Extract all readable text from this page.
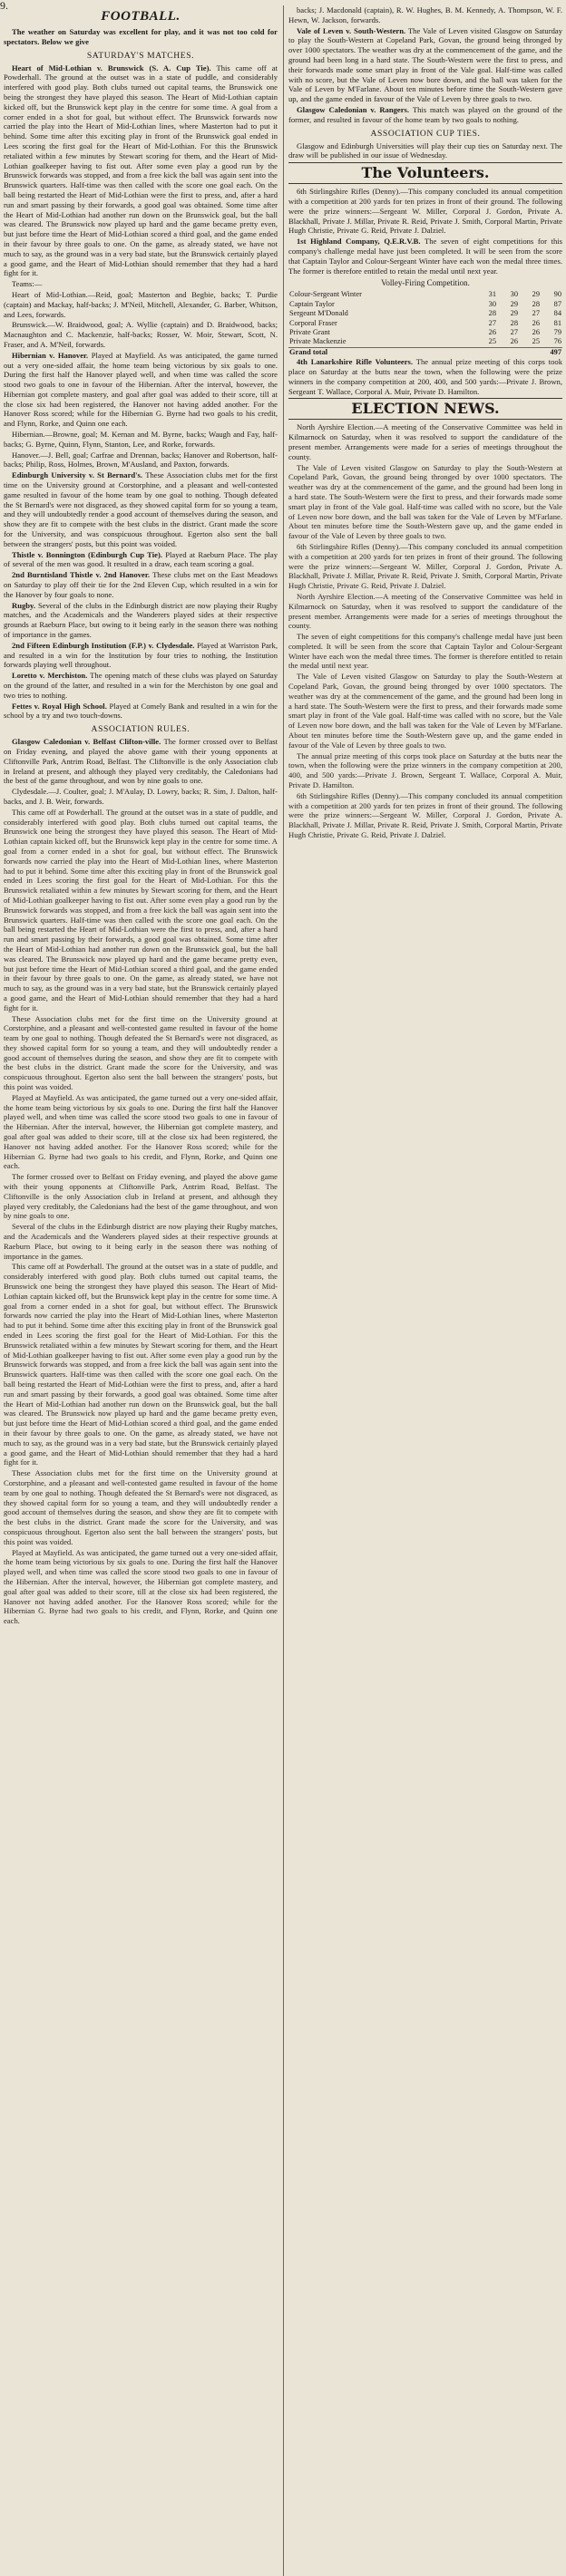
9.
FOOTBALL.

The weather on Saturday was excellent for play, and it was not too cold for spectators. Below we give

SATURDAY'S MATCHES.

Heart of Mid-Lothian v. Brunswick (S. A. Cup Tie). This came off at Powderhall. The ground at the outset was in a state of puddle, and considerably interfered with good play. Both clubs turned out capital teams, the Brunswick one being the strongest they have played this season. The Heart of Mid-Lothian captain kicked off, but the Brunswick kept play in the centre for some time. A goal from a corner ended in a shot for goal, but without effect. The Brunswick forwards now carried the play into the Heart of Mid-Lothian lines, where Masterton had to put it behind. Some time after this exciting play in front of the Brunswick goal ended in Lees scoring the first goal for the Heart of Mid-Lothian. For this the Brunswick retaliated within a few minutes by Stewart scoring for them, and the Heart of Mid-Lothian goalkeeper having to fist out. After some even play a good run by the Brunswick forwards was stopped, and from a free kick the ball was again sent into the Brunswick quarters. Half-time was then called with the score one goal each. On the ball being restarted the Heart of Mid-Lothian were the first to press, and, after a hard run and smart passing by their forwards, a good goal was obtained. Some time after the Heart of Mid-Lothian had another run down on the Brunswick goal, but the ball was cleared. The Brunswick now played up hard and the game became pretty even, but just before time the Heart of Mid-Lothian scored a third goal, and the game ended in their favour by three goals to one. On the game, as already stated, we have not much to say, as the ground was in a very bad state, but the Brunswick certainly played a good game, and the Heart of Mid-Lothian should remember that they had a hard fight for it.

Teams:—

Heart of Mid-Lothian.—Reid, goal; Masterton and Begbie, backs; T. Purdie (captain) and Mackay, half-backs; J. M'Neil, Mitchell, Alexander, G. Barber, Whitson, and Lees, forwards.

Brunswick.—W. Braidwood, goal; A. Wyllie (captain) and D. Braidwood, backs; Macnaughton and C. Mackenzie, half-backs; Rosser, W. Moir, Stewart, Scott, N. Fraser, and A. M'Neil, forwards.

Hibernian v. Hanover. Played at Mayfield. As was anticipated, the game turned out a very one-sided affair, the home team being victorious by six goals to one. During the first half the Hanover played well, and when time was called the score stood two goals to one in favour of the Hibernian. After the interval, however, the Hibernian got complete mastery, and goal after goal was added to their score, till at the close six had been registered, the Hanover not having added another. For the Hanover Ross scored; while for the Hibernian G. Byrne had two goals to his credit, and Flynn, Rorke, and Quinn one each.

Hibernian.—Browne, goal; M. Kernan and M. Byrne, backs; Waugh and Fay, half-backs; G. Byrne, Quinn, Flynn, Stanton, Lee, and Rorke, forwards.

Hanover.—J. Bell, goal; Carfrae and Drennan, backs; Hanover and Robertson, half-backs; Philip, Ross, Holmes, Brown, M'Ausland, and Paxton, forwards.

Edinburgh University v. St Bernard's. These Association clubs met for the first time on the University ground at Corstorphine, and a pleasant and well-contested game resulted in favour of the home team by one goal to nothing. Though defeated the St Bernard's were not disgraced, as they showed capital form for so young a team, and they will undoubtedly render a good account of themselves during the season, and show they are fit to compete with the best clubs in the district. Grant made the score for the University, and was conspicuous throughout. Egerton also sent the ball between the strangers' posts, but this point was voided.

Thistle v. Bonnington (Edinburgh Cup Tie). Played at Raeburn Place. The play of several of the men was good. It resulted in a draw, each team scoring a goal.

2nd Burntisland Thistle v. 2nd Hanover. These clubs met on the East Meadows on Saturday to play off their tie for the 2nd Eleven Cup, which resulted in a win for the Hanover by four goals to none.

Rugby. Several of the clubs in the Edinburgh district are now playing their Rugby matches, and the Academicals and the Wanderers played sides at their respective grounds at Raeburn Place, but owing to it being early in the season there was nothing of importance in the games.

2nd Fifteen Edinburgh Institution (F.P.) v. Clydesdale. Played at Warriston Park, and resulted in a win for the Institution by four tries to nothing, the Institution forwards playing well throughout.

Loretto v. Merchiston. The opening match of these clubs was played on Saturday on the ground of the latter, and resulted in a win for the Merchiston by one goal and two tries to nothing.

Fettes v. Royal High School. Played at Comely Bank and resulted in a win for the school by a try and two touch-downs.

ASSOCIATION RULES.

Glasgow Caledonian v. Belfast Clifton-ville. The former crossed over to Belfast on Friday evening, and played the above game with their young opponents at Cliftonville Park, Antrim Road, Belfast. The Cliftonville is the only Association club in Ireland at present, and although they played very creditably, the Caledonians had the best of the game throughout, and won by nine goals to one.

Clydesdale.—J. Coulter, goal; J. M'Aulay, D. Lowry, backs; R. Sim, J. Dalton, half-backs, and J. B. Weir, forwards.

This came off at Powderhall. The ground at the outset was in a state of puddle, and considerably interfered with good play. Both clubs turned out capital teams, the Brunswick one being the strongest they have played this season. The Heart of Mid-Lothian captain kicked off, but the Brunswick kept play in the centre for some time. A goal from a corner ended in a shot for goal, but without effect. The Brunswick forwards now carried the play into the Heart of Mid-Lothian lines, where Masterton had to put it behind. Some time after this exciting play in front of the Brunswick goal ended in Lees scoring the first goal for the Heart of Mid-Lothian. For this the Brunswick retaliated within a few minutes by Stewart scoring for them, and the Heart of Mid-Lothian goalkeeper having to fist out. After some even play a good run by the Brunswick forwards was stopped, and from a free kick the ball was again sent into the Brunswick quarters. Half-time was then called with the score one goal each. On the ball being restarted the Heart of Mid-Lothian were the first to press, and, after a hard run and smart passing by their forwards, a good goal was obtained. Some time after the Heart of Mid-Lothian had another run down on the Brunswick goal, but the ball was cleared. The Brunswick now played up hard and the game became pretty even, but just before time the Heart of Mid-Lothian scored a third goal, and the game ended in their favour by three goals to one. On the game, as already stated, we have not much to say, as the ground was in a very bad state, but the Brunswick certainly played a good game, and the Heart of Mid-Lothian should remember that they had a hard fight for it.

These Association clubs met for the first time on the University ground at Corstorphine, and a pleasant and well-contested game resulted in favour of the home team by one goal to nothing. Though defeated the St Bernard's were not disgraced, as they showed capital form for so young a team, and they will undoubtedly render a good account of themselves during the season, and show they are fit to compete with the best clubs in the district. Grant made the score for the University, and was conspicuous throughout. Egerton also sent the ball between the strangers' posts, but this point was voided.

Played at Mayfield. As was anticipated, the game turned out a very one-sided affair, the home team being victorious by six goals to one. During the first half the Hanover played well, and when time was called the score stood two goals to one in favour of the Hibernian. After the interval, however, the Hibernian got complete mastery, and goal after goal was added to their score, till at the close six had been registered, the Hanover not having added another. For the Hanover Ross scored; while for the Hibernian G. Byrne had two goals to his credit, and Flynn, Rorke, and Quinn one each.

The former crossed over to Belfast on Friday evening, and played the above game with their young opponents at Cliftonville Park, Antrim Road, Belfast. The Cliftonville is the only Association club in Ireland at present, and although they played very creditably, the Caledonians had the best of the game throughout, and won by nine goals to one.

Several of the clubs in the Edinburgh district are now playing their Rugby matches, and the Academicals and the Wanderers played sides at their respective grounds at Raeburn Place, but owing to it being early in the season there was nothing of importance in the games.

This came off at Powderhall. The ground at the outset was in a state of puddle, and considerably interfered with good play. Both clubs turned out capital teams, the Brunswick one being the strongest they have played this season. The Heart of Mid-Lothian captain kicked off, but the Brunswick kept play in the centre for some time. A goal from a corner ended in a shot for goal, but without effect. The Brunswick forwards now carried the play into the Heart of Mid-Lothian lines, where Masterton had to put it behind. Some time after this exciting play in front of the Brunswick goal ended in Lees scoring the first goal for the Heart of Mid-Lothian. For this the Brunswick retaliated within a few minutes by Stewart scoring for them, and the Heart of Mid-Lothian goalkeeper having to fist out. After some even play a good run by the Brunswick forwards was stopped, and from a free kick the ball was again sent into the Brunswick quarters. Half-time was then called with the score one goal each. On the ball being restarted the Heart of Mid-Lothian were the first to press, and, after a hard run and smart passing by their forwards, a good goal was obtained. Some time after the Heart of Mid-Lothian had another run down on the Brunswick goal, but the ball was cleared. The Brunswick now played up hard and the game became pretty even, but just before time the Heart of Mid-Lothian scored a third goal, and the game ended in their favour by three goals to one. On the game, as already stated, we have not much to say, as the ground was in a very bad state, but the Brunswick certainly played a good game, and the Heart of Mid-Lothian should remember that they had a hard fight for it.

These Association clubs met for the first time on the University ground at Corstorphine, and a pleasant and well-contested game resulted in favour of the home team by one goal to nothing. Though defeated the St Bernard's were not disgraced, as they showed capital form for so young a team, and they will undoubtedly render a good account of themselves during the season, and show they are fit to compete with the best clubs in the district. Grant made the score for the University, and was conspicuous throughout. Egerton also sent the ball between the strangers' posts, but this point was voided.

Played at Mayfield. As was anticipated, the game turned out a very one-sided affair, the home team being victorious by six goals to one. During the first half the Hanover played well, and when time was called the score stood two goals to one in favour of the Hibernian. After the interval, however, the Hibernian got complete mastery, and goal after goal was added to their score, till at the close six had been registered, the Hanover not having added another. For the Hanover Ross scored; while for the Hibernian G. Byrne had two goals to his credit, and Flynn, Rorke, and Quinn one each.

backs; J. Macdonald (captain), R. W. Hughes, B. M. Kennedy, A. Thompson, W. F. Hewn, W. Jackson, forwards.

Vale of Leven v. South-Western. The Vale of Leven visited Glasgow on Saturday to play the South-Western at Copeland Park, Govan, the ground being thronged by over 1000 spectators. The weather was dry at the commencement of the game, and the ground had been long in a hard state. The South-Western were the first to press, and their forwards made some smart play in front of the Vale goal. Half-time was called with no score, but the Vale of Leven now bore down, and the ball was taken for the Vale of Leven by M'Farlane. About ten minutes before time the South-Western gave up, and the game ended in favour of the Vale of Leven by three goals to two.

Glasgow Caledonian v. Rangers. This match was played on the ground of the former, and resulted in favour of the home team by two goals to nothing.

ASSOCIATION CUP TIES.

Glasgow and Edinburgh Universities will play their cup ties on Saturday next. The draw will be published in our issue of Wednesday.

The Volunteers.

6th Stirlingshire Rifles (Denny).—This company concluded its annual competition with a competition at 200 yards for ten prizes in front of their ground. The following were the prize winners:—Sergeant W. Miller, Corporal J. Gordon, Private A. Blackhall, Private J. Millar, Private R. Reid, Private J. Smith, Corporal Martin, Private Hugh Christie, Private G. Reid, Private J. Dalziel.

1st Highland Company, Q.E.R.V.B. The seven of eight competitions for this company's challenge medal have just been completed. It will be seen from the score that Captain Taylor and Colour-Sergeant Winter have each won the medal three times. The former is therefore entitled to retain the medal until next year.

Volley-Firing Competition.
Colour-Sergeant Winter	31	30	29	90
Captain Taylor	30	29	28	87
Sergeant M'Donald	28	29	27	84
Corporal Fraser	27	28	26	81
Private Grant	26	27	26	79
Private Mackenzie	25	26	25	76
Grand total				497

4th Lanarkshire Rifle Volunteers. The annual prize meeting of this corps took place on Saturday at the butts near the town, when the following were the prize winners in the company competition at 200, 400, and 500 yards:—Private J. Brown, Sergeant T. Wallace, Corporal A. Muir, Private D. Hamilton.

ELECTION NEWS.

North Ayrshire Election.—A meeting of the Conservative Committee was held in Kilmarnock on Saturday, when it was resolved to support the candidature of the present member. Arrangements were made for a series of meetings throughout the county.

The Vale of Leven visited Glasgow on Saturday to play the South-Western at Copeland Park, Govan, the ground being thronged by over 1000 spectators. The weather was dry at the commencement of the game, and the ground had been long in a hard state. The South-Western were the first to press, and their forwards made some smart play in front of the Vale goal. Half-time was called with no score, but the Vale of Leven now bore down, and the ball was taken for the Vale of Leven by M'Farlane. About ten minutes before time the South-Western gave up, and the game ended in favour of the Vale of Leven by three goals to two.

6th Stirlingshire Rifles (Denny).—This company concluded its annual competition with a competition at 200 yards for ten prizes in front of their ground. The following were the prize winners:—Sergeant W. Miller, Corporal J. Gordon, Private A. Blackhall, Private J. Millar, Private R. Reid, Private J. Smith, Corporal Martin, Private Hugh Christie, Private G. Reid, Private J. Dalziel.

North Ayrshire Election.—A meeting of the Conservative Committee was held in Kilmarnock on Saturday, when it was resolved to support the candidature of the present member. Arrangements were made for a series of meetings throughout the county.

The seven of eight competitions for this company's challenge medal have just been completed. It will be seen from the score that Captain Taylor and Colour-Sergeant Winter have each won the medal three times. The former is therefore entitled to retain the medal until next year.

The Vale of Leven visited Glasgow on Saturday to play the South-Western at Copeland Park, Govan, the ground being thronged by over 1000 spectators. The weather was dry at the commencement of the game, and the ground had been long in a hard state. The South-Western were the first to press, and their forwards made some smart play in front of the Vale goal. Half-time was called with no score, but the Vale of Leven now bore down, and the ball was taken for the Vale of Leven by M'Farlane. About ten minutes before time the South-Western gave up, and the game ended in favour of the Vale of Leven by three goals to two.

The annual prize meeting of this corps took place on Saturday at the butts near the town, when the following were the prize winners in the company competition at 200, 400, and 500 yards:—Private J. Brown, Sergeant T. Wallace, Corporal A. Muir, Private D. Hamilton.

6th Stirlingshire Rifles (Denny).—This company concluded its annual competition with a competition at 200 yards for ten prizes in front of their ground. The following were the prize winners:—Sergeant W. Miller, Corporal J. Gordon, Private A. Blackhall, Private J. Millar, Private R. Reid, Private J. Smith, Corporal Martin, Private Hugh Christie, Private G. Reid, Private J. Dalziel.
